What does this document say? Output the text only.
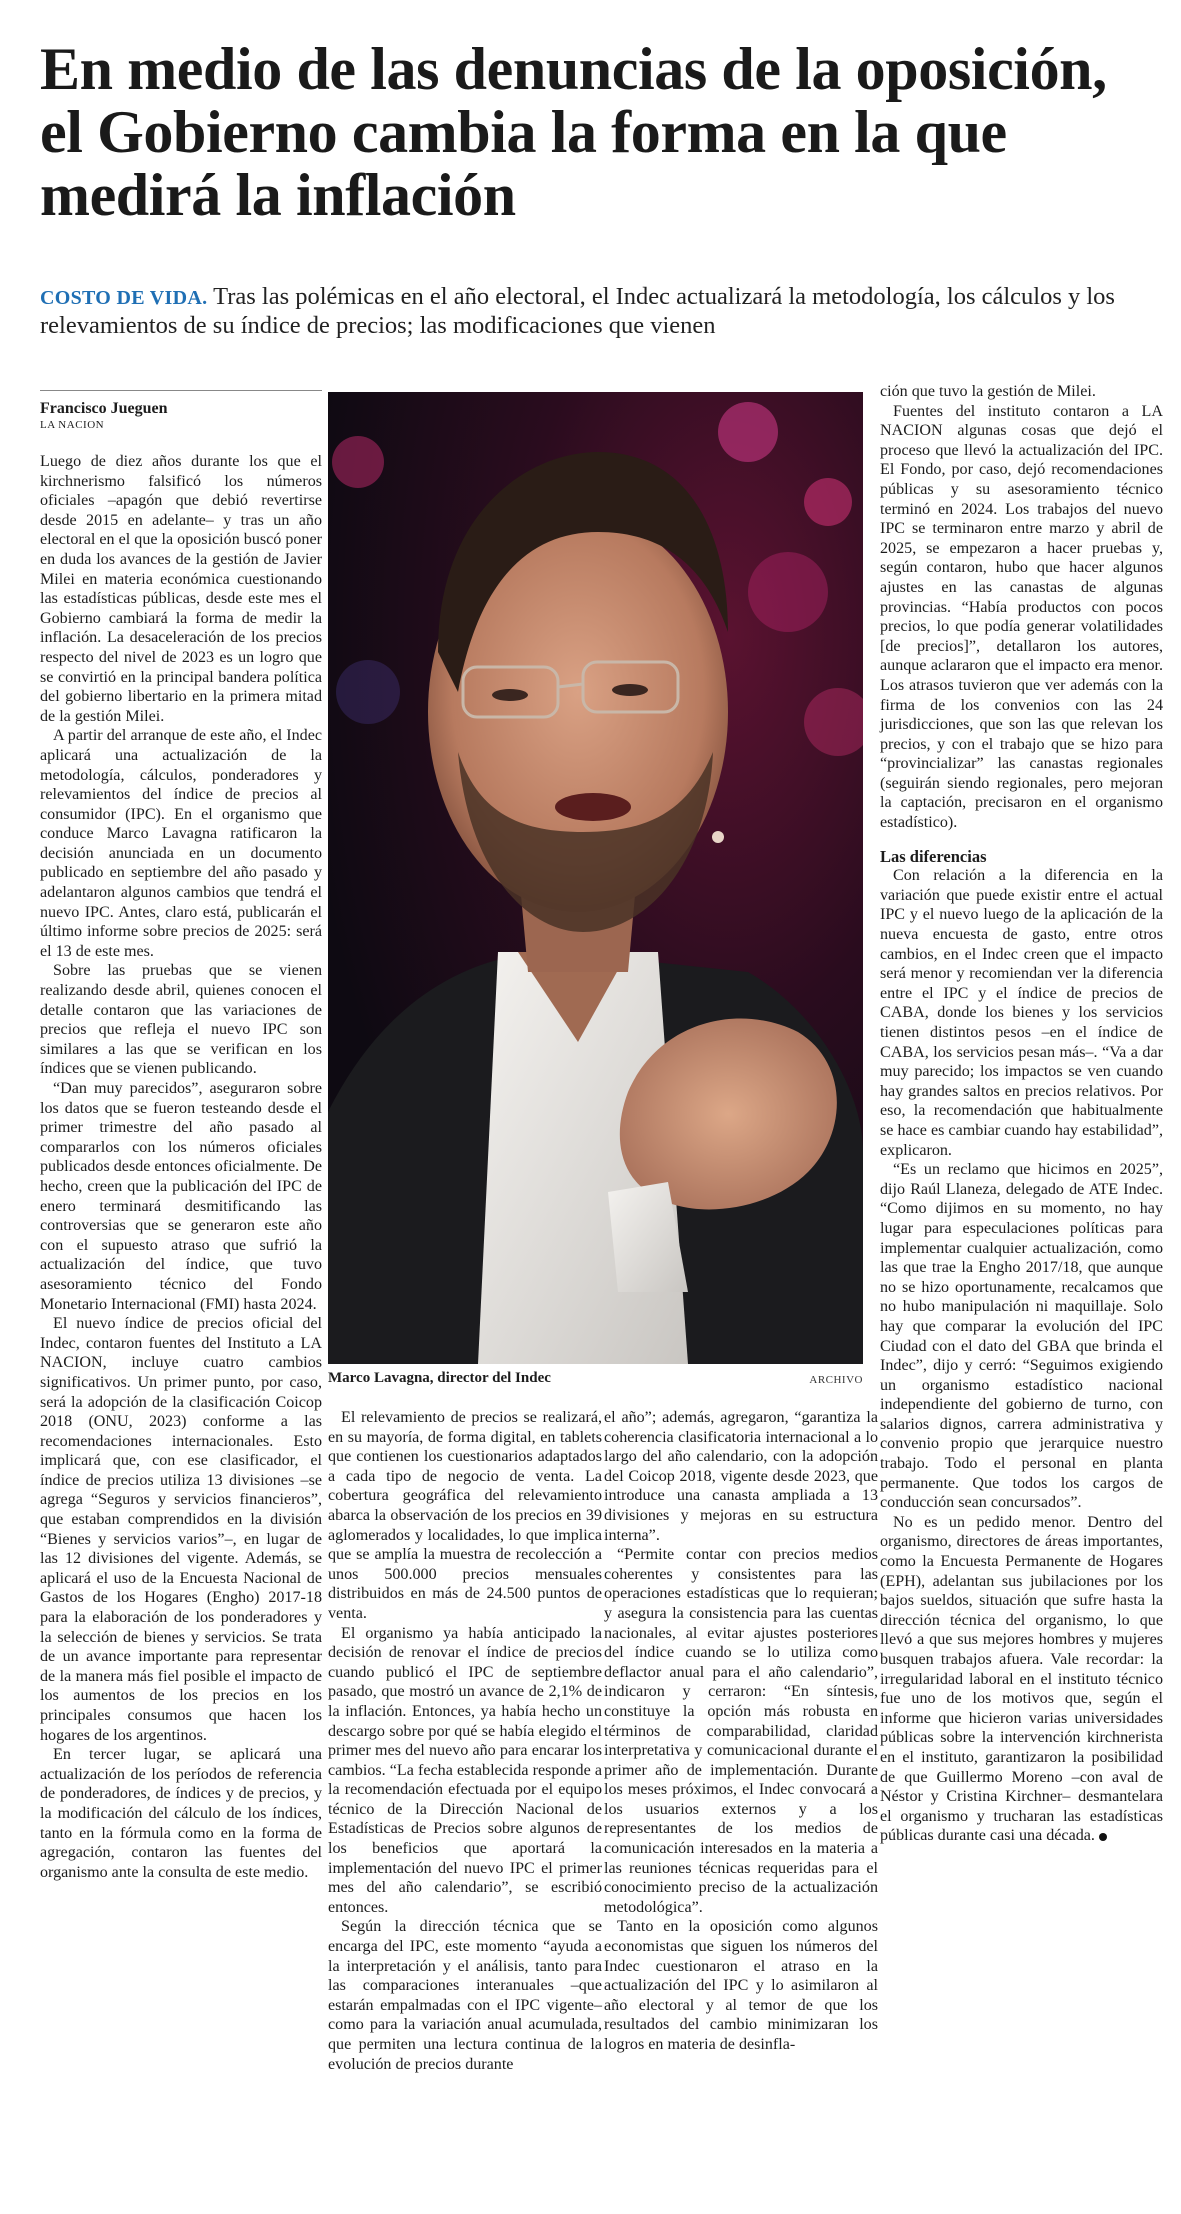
En medio de las denuncias de la oposición, el Gobierno cambia la forma en la que medirá la inflación
COSTO DE VIDA. Tras las polémicas en el año electoral, el Indec actualizará la metodología, los cálculos y los relevamientos de su índice de precios; las modificaciones que vienen
Francisco Jueguen
LA NACION

Luego de diez años durante los que el kirchnerismo falsificó los números oficiales –apagón que debió revertirse desde 2015 en adelante– y tras un año electoral en el que la oposición buscó poner en duda los avances de la gestión de Javier Milei en materia económica cuestionando las estadísticas públicas, desde este mes el Gobierno cambiará la forma de medir la inflación. La desaceleración de los precios respecto del nivel de 2023 es un logro que se convirtió en la principal bandera política del gobierno libertario en la primera mitad de la gestión Milei.

A partir del arranque de este año, el Indec aplicará una actualización de la metodología, cálculos, ponderadores y relevamientos del índice de precios al consumidor (IPC). En el organismo que conduce Marco Lavagna ratificaron la decisión anunciada en un documento publicado en septiembre del año pasado y adelantaron algunos cambios que tendrá el nuevo IPC. Antes, claro está, publicarán el último informe sobre precios de 2025: será el 13 de este mes.

Sobre las pruebas que se vienen realizando desde abril, quienes conocen el detalle contaron que las variaciones de precios que refleja el nuevo IPC son similares a las que se verifican en los índices que se vienen publicando.

“Dan muy parecidos”, aseguraron sobre los datos que se fueron testeando desde el primer trimestre del año pasado al compararlos con los números oficiales publicados desde entonces oficialmente. De hecho, creen que la publicación del IPC de enero terminará desmitificando las controversias que se generaron este año con el supuesto atraso que sufrió la actualización del índice, que tuvo asesoramiento técnico del Fondo Monetario Internacional (FMI) hasta 2024.

El nuevo índice de precios oficial del Indec, contaron fuentes del Instituto a LA NACION, incluye cuatro cambios significativos. Un primer punto, por caso, será la adopción de la clasificación Coicop 2018 (ONU, 2023) conforme a las recomendaciones internacionales. Esto implicará que, con ese clasificador, el índice de precios utiliza 13 divisiones –se agrega “Seguros y servicios financieros”, que estaban comprendidos en la división “Bienes y servicios varios”–, en lugar de las 12 divisiones del vigente. Además, se aplicará el uso de la Encuesta Nacional de Gastos de los Hogares (Engho) 2017-18 para la elaboración de los ponderadores y la selección de bienes y servicios. Se trata de un avance importante para representar de la manera más fiel posible el impacto de los aumentos de los precios en los principales consumos que hacen los hogares de los argentinos.

En tercer lugar, se aplicará una actualización de los períodos de referencia de ponderadores, de índices y de precios, y la modificación del cálculo de los índices, tanto en la fórmula como en la forma de agregación, contaron las fuentes del organismo ante la consulta de este medio.

Marco Lavagna, director del Indec	ARCHIVO

El relevamiento de precios se realizará, en su mayoría, de forma digital, en tablets que contienen los cuestionarios adaptados a cada tipo de negocio de venta. La cobertura geográfica del relevamiento abarca la observación de los precios en 39 aglomerados y localidades, lo que implica que se amplía la muestra de recolección a unos 500.000 precios mensuales distribuidos en más de 24.500 puntos de venta.

El organismo ya había anticipado la decisión de renovar el índice de precios cuando publicó el IPC de septiembre pasado, que mostró un avance de 2,1% de la inflación. Entonces, ya había hecho un descargo sobre por qué se había elegido el primer mes del nuevo año para encarar los cambios. “La fecha establecida responde a la recomendación efectuada por el equipo técnico de la Dirección Nacional de Estadísticas de Precios sobre algunos de los beneficios que aportará la implementación del nuevo IPC el primer mes del año calendario”, se escribió entonces.

Según la dirección técnica que se encarga del IPC, este momento “ayuda a la interpretación y el análisis, tanto para las comparaciones interanuales –que estarán empalmadas con el IPC vigente– como para la variación anual acumulada, que permiten una lectura continua de la evolución de precios durante

el año”; además, agregaron, “garantiza la coherencia clasificatoria internacional a lo largo del año calendario, con la adopción del Coicop 2018, vigente desde 2023, que introduce una canasta ampliada a 13 divisiones y mejoras en su estructura interna”.

“Permite contar con precios medios coherentes y consistentes para las operaciones estadísticas que lo requieran; y asegura la consistencia para las cuentas nacionales, al evitar ajustes posteriores del índice cuando se lo utiliza como deflactor anual para el año calendario”, indicaron y cerraron: “En síntesis, constituye la opción más robusta en términos de comparabilidad, claridad interpretativa y comunicacional durante el primer año de implementación. Durante los meses próximos, el Indec convocará a los usuarios externos y a los representantes de los medios de comunicación interesados en la materia a las reuniones técnicas requeridas para el conocimiento preciso de la actualización metodológica”.

Tanto en la oposición como algunos economistas que siguen los números del Indec cuestionaron el atraso en la actualización del IPC y lo asimilaron al año electoral y al temor de que los resultados del cambio minimizaran los logros en materia de desinfla-

ción que tuvo la gestión de Milei.

Fuentes del instituto contaron a LA NACION algunas cosas que dejó el proceso que llevó la actualización del IPC. El Fondo, por caso, dejó recomendaciones públicas y su asesoramiento técnico terminó en 2024. Los trabajos del nuevo IPC se terminaron entre marzo y abril de 2025, se empezaron a hacer pruebas y, según contaron, hubo que hacer algunos ajustes en las canastas de algunas provincias. “Había productos con pocos precios, lo que podía generar volatilidades [de precios]”, detallaron los autores, aunque aclararon que el impacto era menor. Los atrasos tuvieron que ver además con la firma de los convenios con las 24 jurisdicciones, que son las que relevan los precios, y con el trabajo que se hizo para “provincializar” las canastas regionales (seguirán siendo regionales, pero mejoran la captación, precisaron en el organismo estadístico).

Las diferencias

Con relación a la diferencia en la variación que puede existir entre el actual IPC y el nuevo luego de la aplicación de la nueva encuesta de gasto, entre otros cambios, en el Indec creen que el impacto será menor y recomiendan ver la diferencia entre el IPC y el índice de precios de CABA, donde los bienes y los servicios tienen distintos pesos –en el índice de CABA, los servicios pesan más–. “Va a dar muy parecido; los impactos se ven cuando hay grandes saltos en precios relativos. Por eso, la recomendación que habitualmente se hace es cambiar cuando hay estabilidad”, explicaron.

“Es un reclamo que hicimos en 2025”, dijo Raúl Llaneza, delegado de ATE Indec. “Como dijimos en su momento, no hay lugar para especulaciones políticas para implementar cualquier actualización, como las que trae la Engho 2017/18, que aunque no se hizo oportunamente, recalcamos que no hubo manipulación ni maquillaje. Solo hay que comparar la evolución del IPC Ciudad con el dato del GBA que brinda el Indec”, dijo y cerró: “Seguimos exigiendo un organismo estadístico nacional independiente del gobierno de turno, con salarios dignos, carrera administrativa y convenio propio que jerarquice nuestro trabajo. Todo el personal en planta permanente. Que todos los cargos de conducción sean concursados”.

No es un pedido menor. Dentro del organismo, directores de áreas importantes, como la Encuesta Permanente de Hogares (EPH), adelantan sus jubilaciones por los bajos sueldos, situación que sufre hasta la dirección técnica del organismo, lo que llevó a que sus mejores hombres y mujeres busquen trabajos afuera. Vale recordar: la irregularidad laboral en el instituto técnico fue uno de los motivos que, según el informe que hicieron varias universidades públicas sobre la intervención kirchnerista en el instituto, garantizaron la posibilidad de que Guillermo Moreno –con aval de Néstor y Cristina Kirchner– desmantelara el organismo y trucharan las estadísticas públicas durante casi una década.
